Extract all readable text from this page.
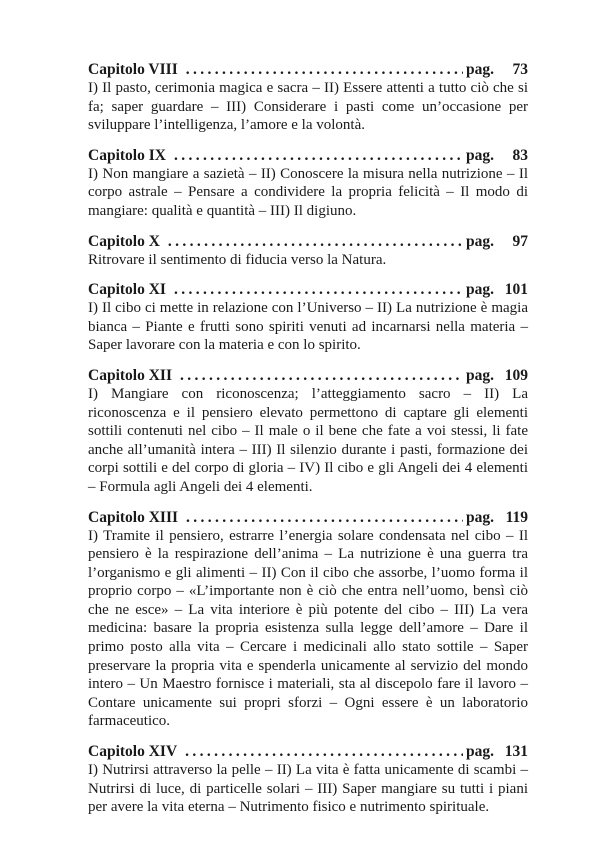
Capitolo VIII . . .	pag.	73

I) Il pasto, cerimonia magica e sacra – II) Essere attenti a tutto ciò che si fa; saper guardare – III) Considerare i pasti come un’occasione per sviluppare l’intelligenza, l’amore e la volontà.

Capitolo IX . . .	pag.	83

I) Non mangiare a sazietà – II) Conoscere la misura nella nutrizione – Il corpo astrale – Pensare a condividere la propria felicità – Il modo di mangiare: qualità e quantità – III) Il digiuno.

Capitolo X . . .	pag.	97

Ritrovare il sentimento di fiducia verso la Natura.

Capitolo XI . . .	pag. 101

I) Il cibo ci mette in relazione con l’Universo – II) La nutrizione è magia bianca – Piante e frutti sono spiriti venuti ad incarnarsi nella materia – Saper lavorare con la materia e con lo spirito.

Capitolo XII . . .	pag. 109

I) Mangiare con riconoscenza; l’atteggiamento sacro – II) La riconoscenza e il pensiero elevato permettono di captare gli elementi sottili contenuti nel cibo – Il male o il bene che fate a voi stessi, li fate anche all’umanità intera – III) Il silenzio durante i pasti, formazione dei corpi sottili e del corpo di gloria – IV) Il cibo e gli Angeli dei 4 elementi – Formula agli Angeli dei 4 elementi.

Capitolo XIII . . .	pag. 119

I) Tramite il pensiero, estrarre l’energia solare condensata nel cibo – Il pensiero è la respirazione dell’anima – La nutrizione è una guerra tra l’organismo e gli alimenti – II) Con il cibo che assorbe, l’uomo forma il proprio corpo – «L’importante non è ciò che entra nell’uomo, bensì ciò che ne esce» – La vita interiore è più potente del cibo – III) La vera medicina: basare la propria esistenza sulla legge dell’amore – Dare il primo posto alla vita – Cercare i medicinali allo stato sottile – Saper preservare la propria vita e spenderla unicamente al servizio del mondo intero – Un Maestro fornisce i materiali, sta al discepolo fare il lavoro – Contare unicamente sui propri sforzi – Ogni essere è un laboratorio farmaceutico.

Capitolo XIV . . .	pag. 131

I) Nutrirsi attraverso la pelle – II) La vita è fatta unicamente di scambi – Nutrirsi di luce, di particelle solari – III) Saper mangiare su tutti i piani per avere la vita eterna – Nutrimento fisico e nutrimento spirituale.
